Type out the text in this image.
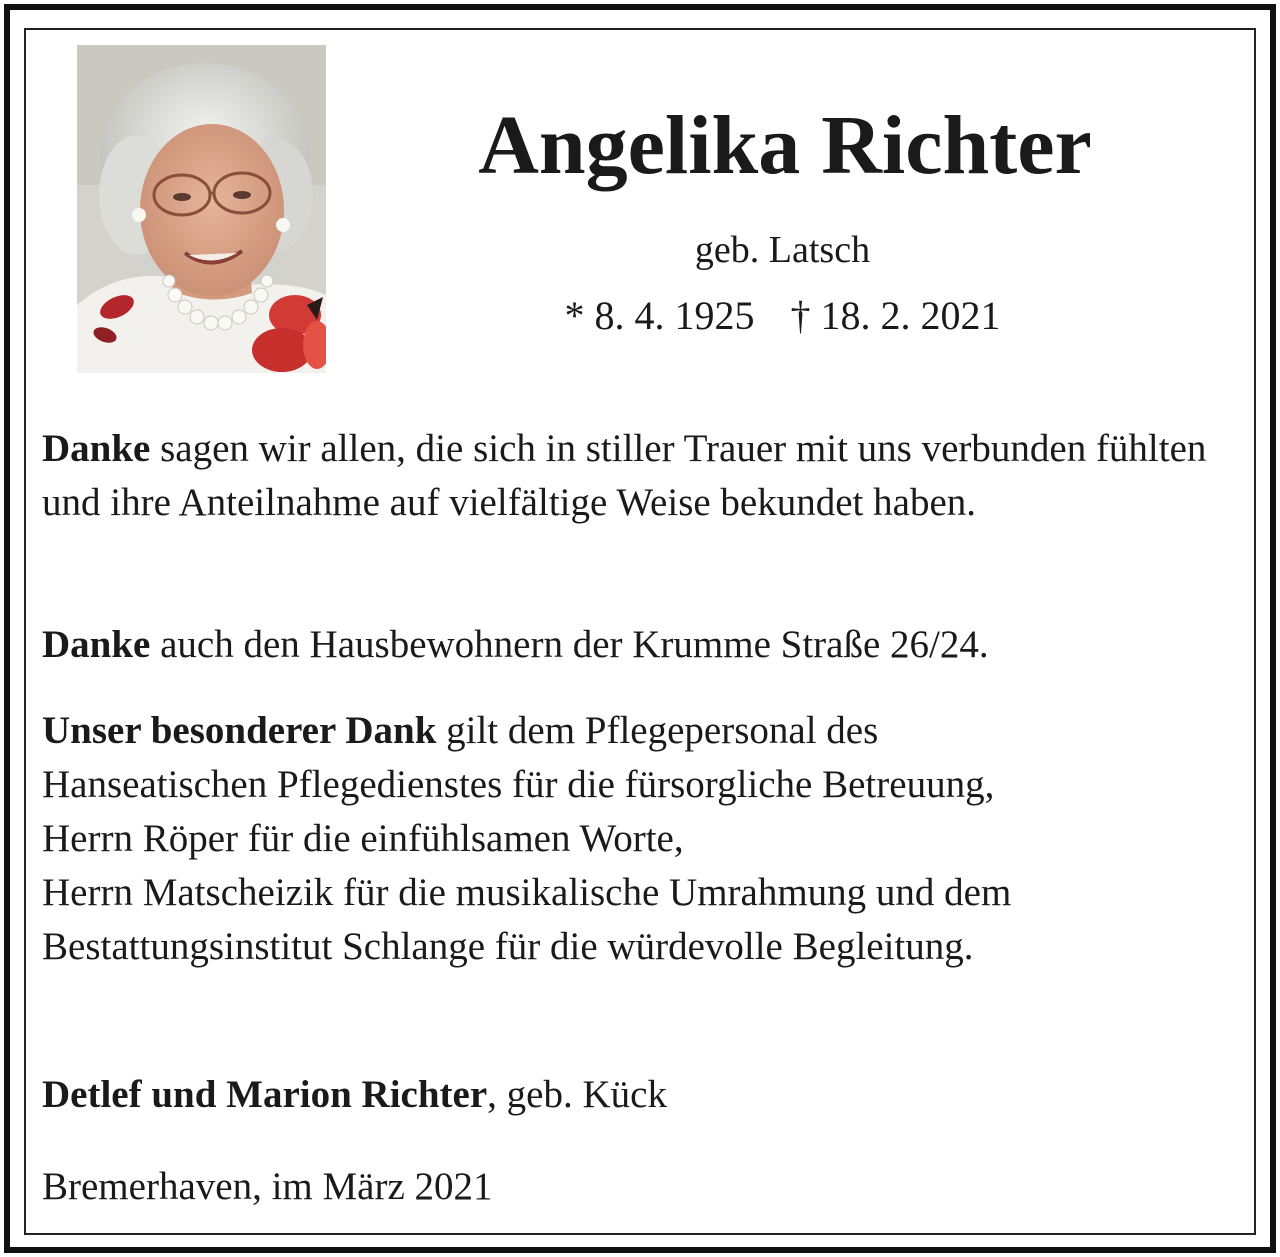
Angelika Richter
geb. Latsch
* 8. 4. 1925 † 18. 2. 2021

Danke sagen wir allen, die sich in stiller Trauer mit uns verbunden fühlten und ihre Anteilnahme auf vielfältige Weise bekundet haben.

Danke auch den Hausbewohnern der Krumme Straße 26/24.

Unser besonderer Dank gilt dem Pflegepersonal des
Hanseatischen Pflegedienstes für die fürsorgliche Betreuung,
Herrn Röper für die einfühlsamen Worte,
Herrn Matscheizik für die musikalische Umrahmung und dem
Bestattungsinstitut Schlange für die würdevolle Begleitung.

Detlef und Marion Richter, geb. Kück

Bremerhaven, im März 2021
